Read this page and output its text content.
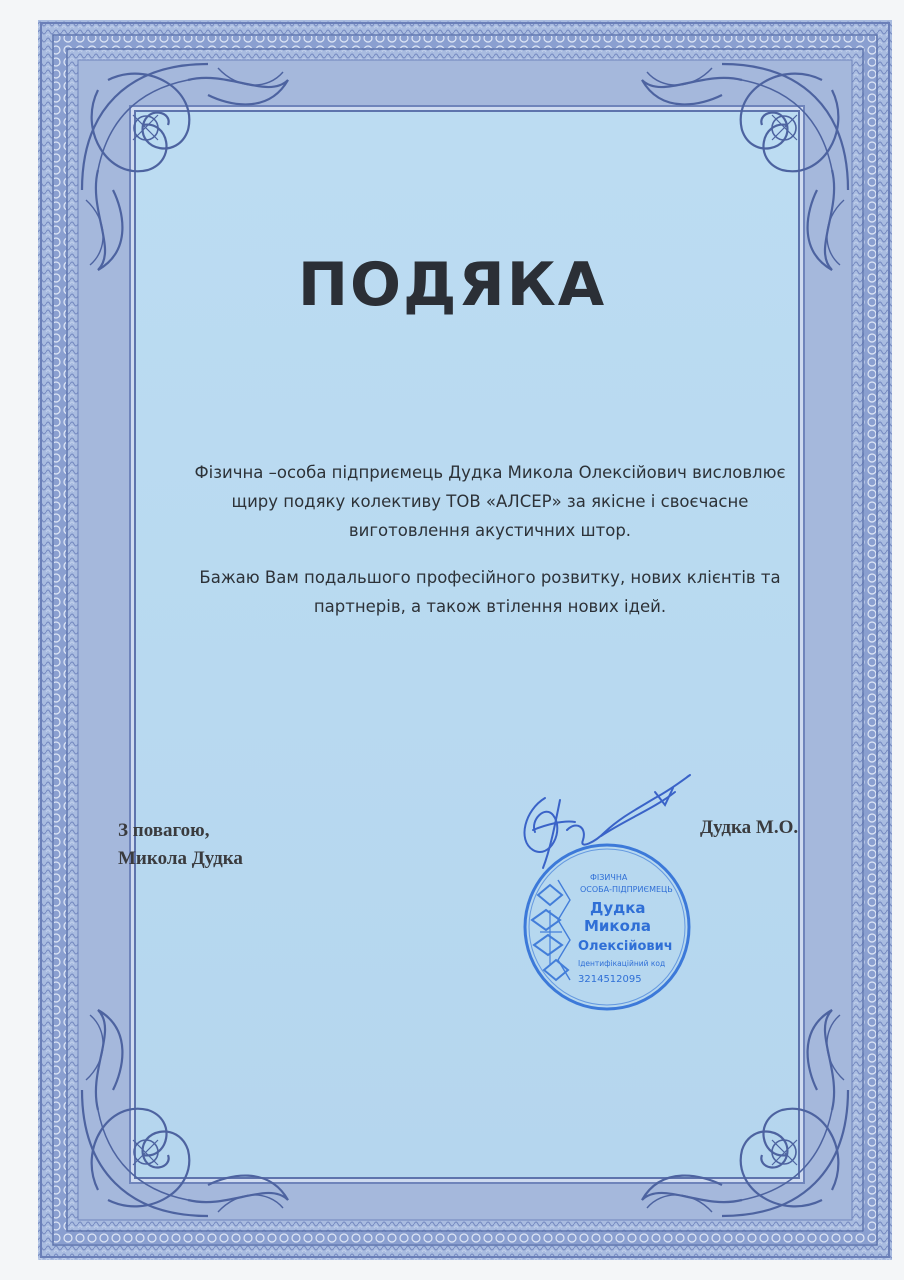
ПОДЯКА
Фізична –особа підприємець Дудка Микола Олексійович висловлює
щиру подяку колективу ТОВ «АЛСЕР» за якісне і своєчасне
виготовлення акустичних штор.
Бажаю Вам подальшого професійного розвитку, нових клієнтів та
партнерів, а також втілення нових ідей.
З повагою,
Микола Дудка
Дудка М.О.
ФІЗИЧНА
ОСОБА-ПІДПРИЄМЕЦЬ
Дудка
Микола
Олексійович
Ідентифікаційний код
3214512095
